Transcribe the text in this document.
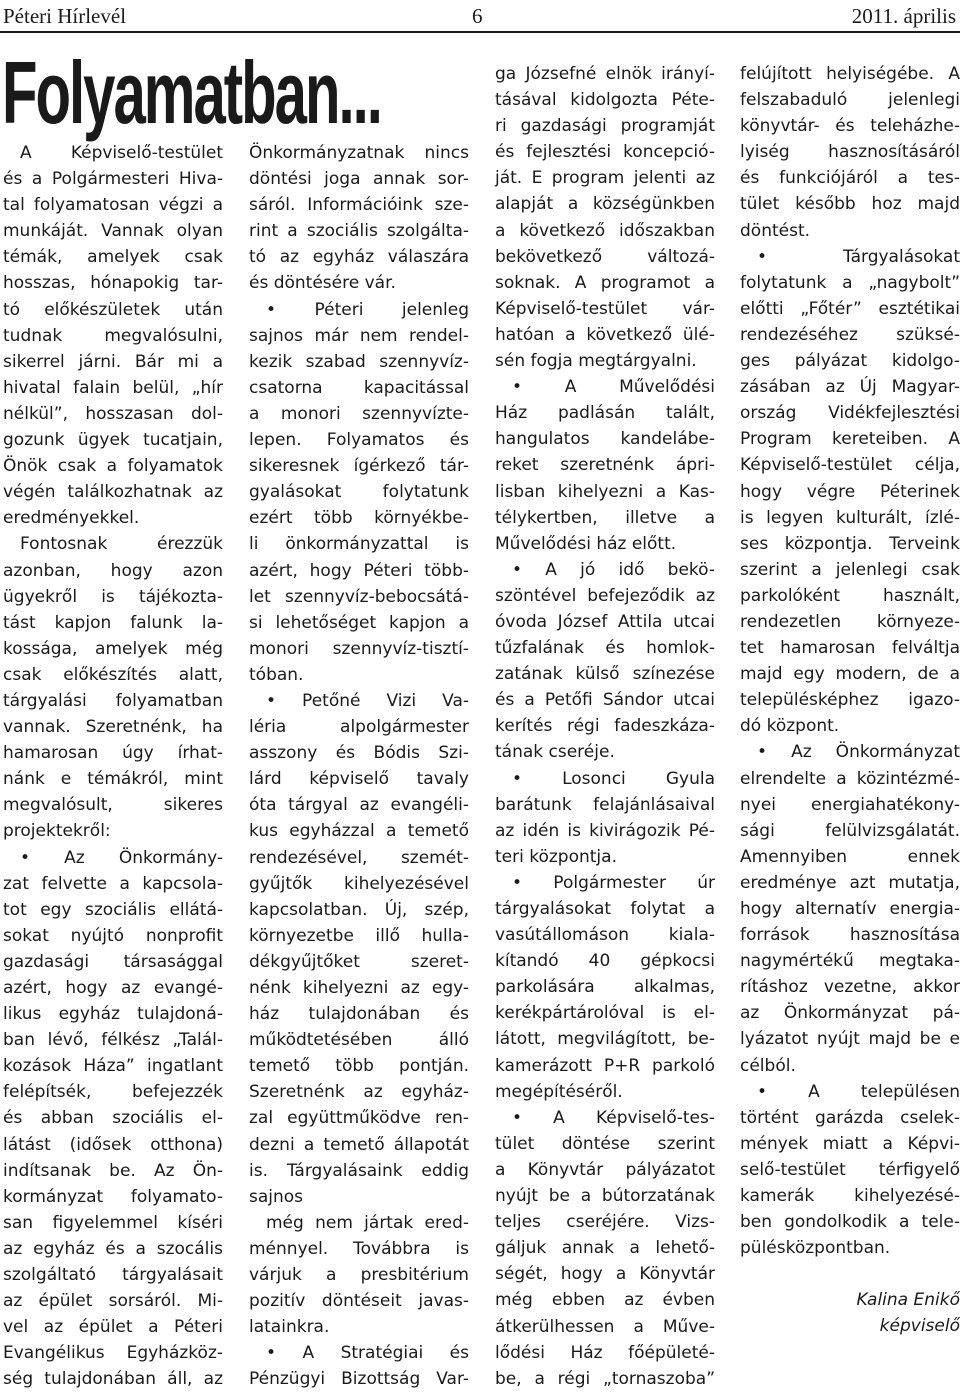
Péteri Hírlevél	6	2011. április
Folyamatban...
A Képviselő-testület
és a Polgármesteri Hiva-
tal folyamatosan végzi a
munkáját. Vannak olyan
témák, amelyek csak
hosszas, hónapokig tar-
tó előkészületek után
tudnak megvalósulni,
sikerrel járni. Bár mi a
hivatal falain belül, „hír
nélkül”, hosszasan dol-
gozunk ügyek tucatjain,
Önök csak a folyamatok
végén találkozhatnak az
eredményekkel.
Fontosnak érezzük
azonban, hogy azon
ügyekről is tájékozta-
tást kapjon falunk la-
kossága, amelyek még
csak előkészítés alatt,
tárgyalási folyamatban
vannak. Szeretnénk, ha
hamarosan úgy írhat-
nánk e témákról, mint
megvalósult, sikeres
projektekről:
• Az Önkormány-
zat felvette a kapcsola-
tot egy szociális ellátá-
sokat nyújtó nonprofit
gazdasági társasággal
azért, hogy az evangé-
likus egyház tulajdoná-
ban lévő, félkész „Talál-
kozások Háza” ingatlant
felépítsék, befejezzék
és abban szociális el-
látást (idősek otthona)
indítsanak be. Az Ön-
kormányzat folyamato-
san figyelemmel kíséri
az egyház és a szocális
szolgáltató tárgyalásait
az épület sorsáról. Mi-
vel az épület a Péteri
Evangélikus Egyházköz-
ség tulajdonában áll, az
Önkormányzatnak nincs
döntési joga annak sor-
sáról. Információink sze-
rint a szociális szolgálta-
tó az egyház válaszára
és döntésére vár.
• Péteri jelenleg
sajnos már nem rendel-
kezik szabad szennyvíz-
csatorna kapacitással
a monori szennyvízte-
lepen. Folyamatos és
sikeresnek ígérkező tár-
gyalásokat folytatunk
ezért több környékbe-
li önkormányzattal is
azért, hogy Péteri több-
let szennyvíz-bebocsátá-
si lehetőséget kapjon a
monori szennyvíz-tisztí-
tóban.
• Petőné Vizi Va-
léria alpolgármester
asszony és Bódis Szi-
lárd képviselő tavaly
óta tárgyal az evangéli-
kus egyházzal a temető
rendezésével, szemét-
gyűjtők kihelyezésével
kapcsolatban. Új, szép,
környezetbe illő hulla-
dékgyűjtőket szeret-
nénk kihelyezni az egy-
ház tulajdonában és
működtetésében álló
temető több pontján.
Szeretnénk az egyház-
zal együttműködve ren-
dezni a temető állapotát
is. Tárgyalásaink eddig
sajnos
még nem jártak ered-
ménnyel. Továbbra is
várjuk a presbitérium
pozitív döntéseit javas-
latainkra.
• A Stratégiai és
Pénzügyi Bizottság Var-
ga Józsefné elnök irányí-
tásával kidolgozta Péte-
ri gazdasági programját
és fejlesztési koncepció-
ját. E program jelenti az
alapját a községünkben
a következő időszakban
bekövetkező változá-
soknak. A programot a
Képviselő-testület vár-
hatóan a következő ülé-
sén fogja megtárgyalni.
• A Művelődési
Ház padlásán talált,
hangulatos kandelábe-
reket szeretnénk ápri-
lisban kihelyezni a Kas-
télykertben, illetve a
Művelődési ház előtt.
• A jó idő bekö-
szöntével befejeződik az
óvoda József Attila utcai
tűzfalának és homlok-
zatának külső színezése
és a Petőfi Sándor utcai
kerítés régi fadeszkáza-
tának cseréje.
• Losonci Gyula
barátunk felajánlásaival
az idén is kivirágozik Pé-
teri központja.
• Polgármester úr
tárgyalásokat folytat a
vasútállomáson kiala-
kítandó 40 gépkocsi
parkolására alkalmas,
kerékpártárolóval is el-
látott, megvilágított, be-
kamerázott P+R parkoló
megépítéséről.
• A Képviselő-tes-
tület döntése szerint
a Könyvtár pályázatot
nyújt be a bútorzatának
teljes cseréjére. Vizs-
gáljuk annak a lehető-
ségét, hogy a Könyvtár
még ebben az évben
átkerülhessen a Műve-
lődési Ház főépületé-
be, a régi „tornaszoba”
felújított helyiségébe. A
felszabaduló jelenlegi
könyvtár- és teleházhe-
lyiség hasznosításáról
és funkciójáról a tes-
tület később hoz majd
döntést.
• Tárgyalásokat
folytatunk a „nagybolt”
előtti „Főtér” esztétikai
rendezéséhez szüksé-
ges pályázat kidolgo-
zásában az Új Magyar-
ország Vidékfejlesztési
Program kereteiben. A
Képviselő-testület célja,
hogy végre Péterinek
is legyen kulturált, ízlé-
ses központja. Terveink
szerint a jelenlegi csak
parkolóként használt,
rendezetlen környeze-
tet hamarosan felváltja
majd egy modern, de a
településképhez igazo-
dó központ.
• Az Önkormányzat
elrendelte a közintézmé-
nyei energiahatékony-
sági felülvizsgálatát.
Amennyiben ennek
eredménye azt mutatja,
hogy alternatív energia-
források hasznosítása
nagymértékű megtaka-
rításhoz vezetne, akkor
az Önkormányzat pá-
lyázatot nyújt majd be e
célból.
• A településen
történt garázda cselek-
mények miatt a Képvi-
selő-testület térfigyelő
kamerák kihelyezésé-
ben gondolkodik a tele-
pülésközpontban.
Kalina Enikő
képviselő
